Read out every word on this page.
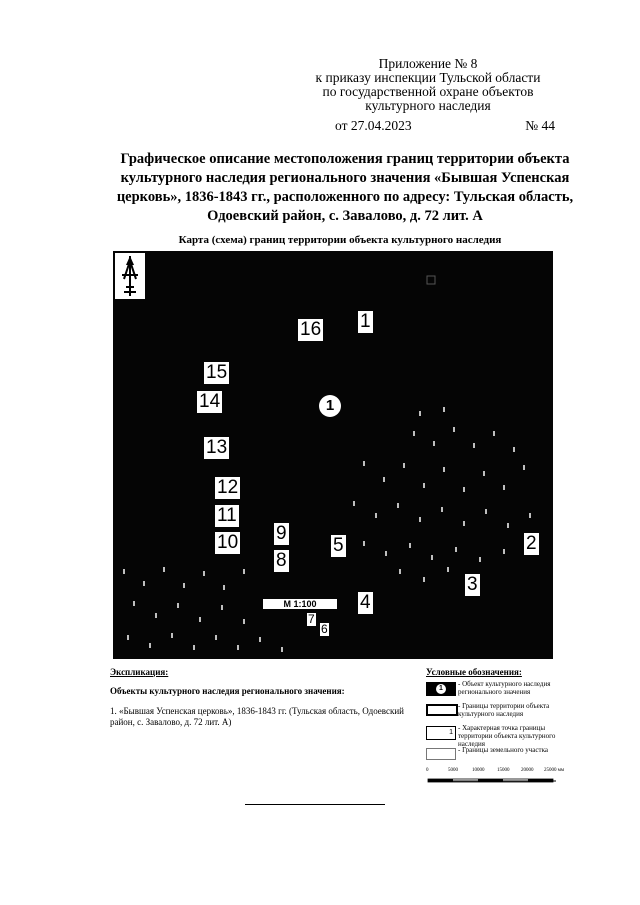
Приложение № 8
к приказу инспекции Тульской области
по государственной охране объектов
культурного наследия
от 27.04.2023	№ 44
Графическое описание местоположения границ территории объекта культурного наследия регионального значения «Бывшая Успенская церковь», 1836-1843 гг., расположенного по адресу: Тульская область, Одоевский район, с. Завалово, д. 72 лит. А
Карта (схема) границ территории объекта культурного наследия
1
2
3
4
5
6
7
8
9
10
11
12
13
14
15
16
1
М 1:100
Экспликация:
Объекты культурного наследия регионального значения:
1. «Бывшая Успенская церковь», 1836-1843 гг. (Тульская область, Одоевский район, с. Завалово, д. 72 лит. А)
Условные обозначения:
1
- Объект культурного наследия регионального значения
- Границы территории объекта культурного наследия
1
- Характерная точка границы территории объекта культурного наследия
- Границы земельного участка
0	5000	10000	15000 20000 25000 мм
